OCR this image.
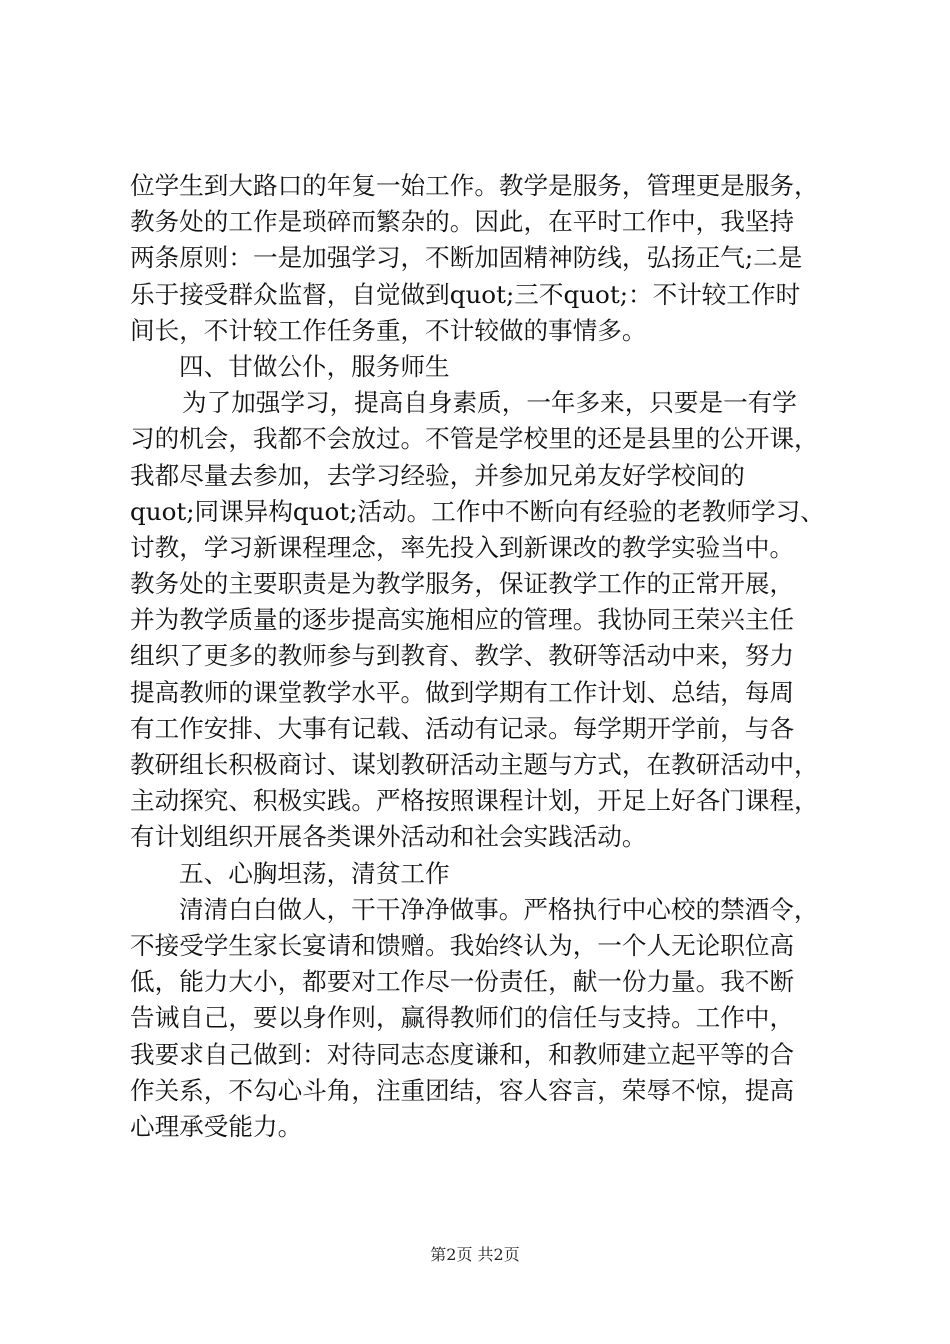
位学生到大路口的年复一始工作。教学是服务，管理更是服务，
教务处的工作是琐碎而繁杂的。因此，在平时工作中，我坚持
两条原则：一是加强学习，不断加固精神防线，弘扬正气;二是
乐于接受群众监督，自觉做到quot;三不quot;：不计较工作时
间长，不计较工作任务重，不计较做的事情多。
四、甘做公仆，服务师生
为了加强学习，提高自身素质，一年多来，只要是一有学
习的机会，我都不会放过。不管是学校里的还是县里的公开课，
我都尽量去参加，去学习经验，并参加兄弟友好学校间的
quot;同课异构quot;活动。工作中不断向有经验的老教师学习、
讨教，学习新课程理念，率先投入到新课改的教学实验当中。
教务处的主要职责是为教学服务，保证教学工作的正常开展，
并为教学质量的逐步提高实施相应的管理。我协同王荣兴主任
组织了更多的教师参与到教育、教学、教研等活动中来，努力
提高教师的课堂教学水平。做到学期有工作计划、总结，每周
有工作安排、大事有记载、活动有记录。每学期开学前，与各
教研组长积极商讨、谋划教研活动主题与方式，在教研活动中，
主动探究、积极实践。严格按照课程计划，开足上好各门课程，
有计划组织开展各类课外活动和社会实践活动。
五、心胸坦荡，清贫工作
清清白白做人，干干净净做事。严格执行中心校的禁酒令，
不接受学生家长宴请和馈赠。我始终认为，一个人无论职位高
低，能力大小，都要对工作尽一份责任，献一份力量。我不断
告诫自己，要以身作则，赢得教师们的信任与支持。工作中，
我要求自己做到：对待同志态度谦和，和教师建立起平等的合
作关系，不勾心斗角，注重团结，容人容言，荣辱不惊，提高
心理承受能力。
第2页 共2页
